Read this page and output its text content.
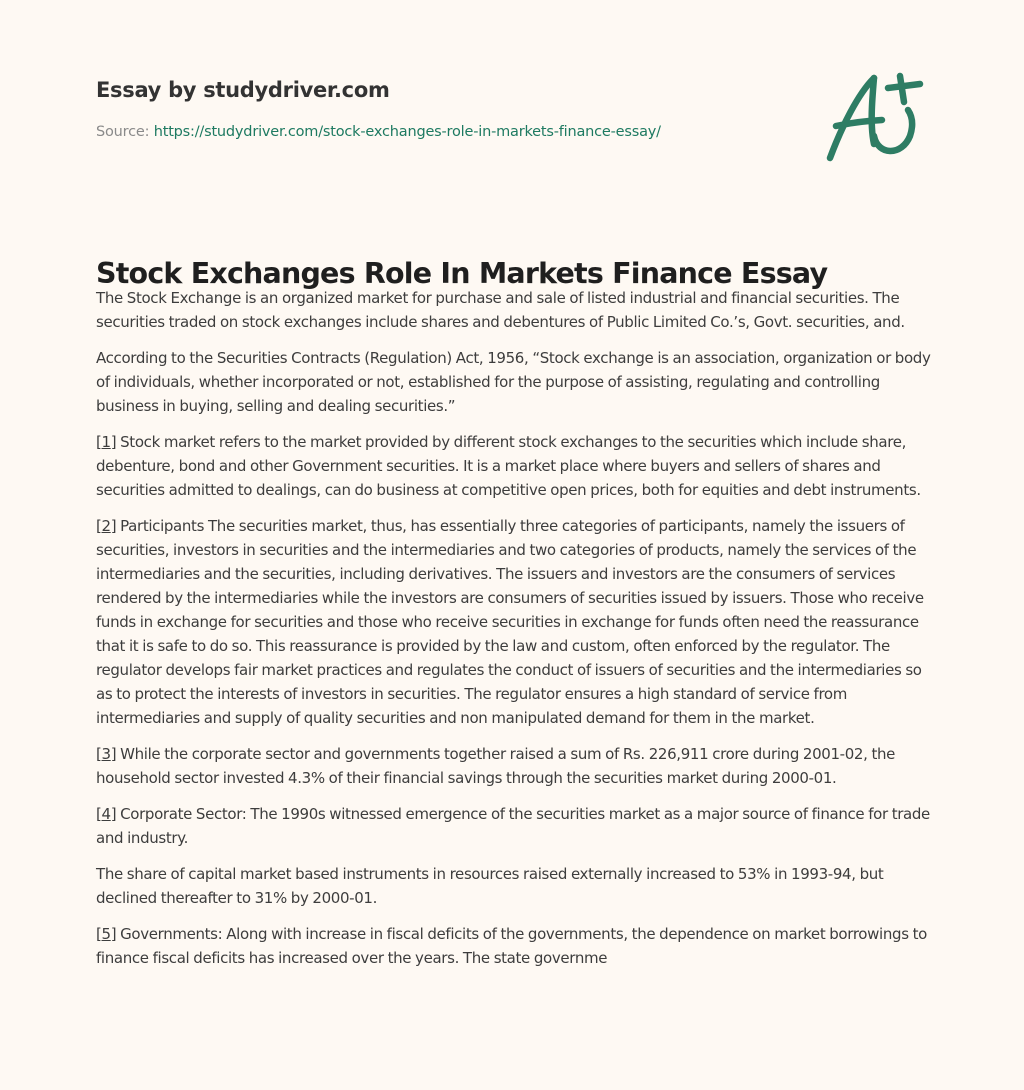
Essay by studydriver.com
Source: https://studydriver.com/stock-exchanges-role-in-markets-finance-essay/
Stock Exchanges Role In Markets Finance Essay

The Stock Exchange is an organized market for purchase and sale of listed industrial and financial securities. The securities traded on stock exchanges include shares and debentures of Public Limited Co.’s, Govt. securities, and.

According to the Securities Contracts (Regulation) Act, 1956, “Stock exchange is an association, organization or body of individuals, whether incorporated or not, established for the purpose of assisting, regulating and controlling business in buying, selling and dealing securities.”

[1] Stock market refers to the market provided by different stock exchanges to the securities which include share, debenture, bond and other Government securities. It is a market place where buyers and sellers of shares and securities admitted to dealings, can do business at competitive open prices, both for equities and debt instruments.

[2] Participants The securities market, thus, has essentially three categories of participants, namely the issuers of securities, investors in securities and the intermediaries and two categories of products, namely the services of the intermediaries and the securities, including derivatives. The issuers and investors are the consumers of services rendered by the intermediaries while the investors are consumers of securities issued by issuers. Those who receive funds in exchange for securities and those who receive securities in exchange for funds often need the reassurance that it is safe to do so. This reassurance is provided by the law and custom, often enforced by the regulator. The regulator develops fair market practices and regulates the conduct of issuers of securities and the intermediaries so as to protect the interests of investors in securities. The regulator ensures a high standard of service from intermediaries and supply of quality securities and non manipulated demand for them in the market.

[3] While the corporate sector and governments together raised a sum of Rs. 226,911 crore during 2001-02, the household sector invested 4.3% of their financial savings through the securities market during 2000-01.

[4] Corporate Sector: The 1990s witnessed emergence of the securities market as a major source of finance for trade and industry.

The share of capital market based instruments in resources raised externally increased to 53% in 1993-94, but declined thereafter to 31% by 2000-01.

[5] Governments: Along with increase in fiscal deficits of the governments, the dependence on market borrowings to finance fiscal deficits has increased over the years. The state governme
